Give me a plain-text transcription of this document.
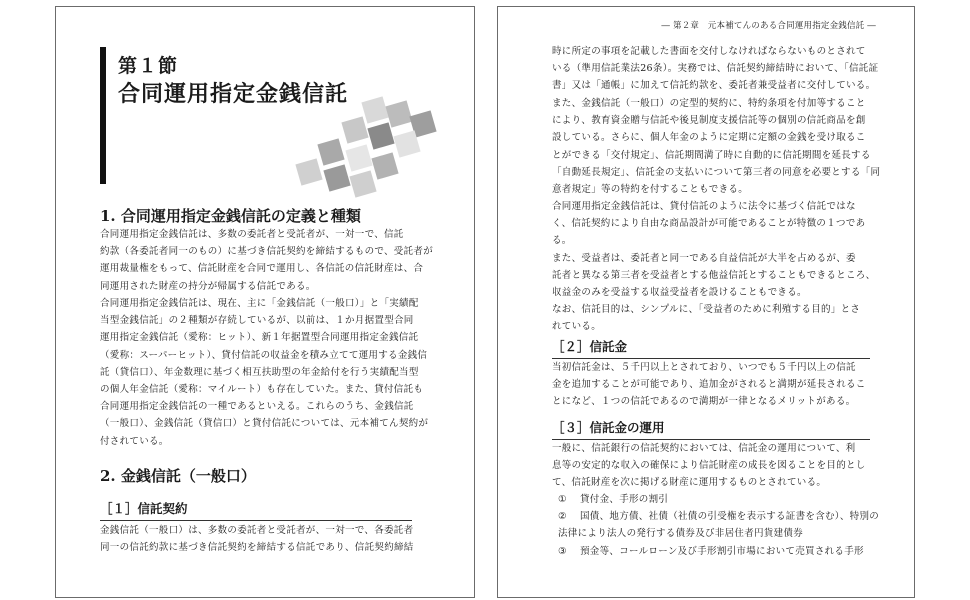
第１節
合同運用指定金銭信託
1. 合同運用指定金銭信託の定義と種類
合同運用指定金銭信託は、多数の委託者と受託者が、一対一で、信託
約款（各委託者同一のもの）に基づき信託契約を締結するもので、受託者が
運用裁量権をもって、信託財産を合同で運用し、各信託の信託財産は、合
同運用された財産の持分が帰属する信託である。
合同運用指定金銭信託は、現在、主に「金銭信託（一般口）」と「実績配
当型金銭信託」の２種類が存続しているが、以前は、１か月据置型合同
運用指定金銭信託（愛称：ヒット）、新１年据置型合同運用指定金銭信託
（愛称：スーパーヒット）、貸付信託の収益金を積み立てて運用する金銭信
託（貸信口）、年金数理に基づく相互扶助型の年金給付を行う実績配当型
の個人年金信託（愛称：マイルート）も存在していた。また、貸付信託も
合同運用指定金銭信託の一種であるといえる。これらのうち、金銭信託
（一般口）、金銭信託（貸信口）と貸付信託については、元本補てん契約が
付されている。
2. 金銭信託（一般口）
［１］信託契約
金銭信託（一般口）は、多数の委託者と受託者が、一対一で、各委託者
同一の信託約款に基づき信託契約を締結する信託であり、信託契約締結
― 第２章　元本補てんのある合同運用指定金銭信託 ―
時に所定の事項を記載した書面を交付しなければならないものとされて
いる（準用信託業法26条）。実務では、信託契約締結時において、「信託証
書」又は「通帳」に加えて信託約款を、委託者兼受益者に交付している。
また、金銭信託（一般口）の定型的契約に、特約条項を付加等すること
により、教育資金贈与信託や後見制度支援信託等の個別の信託商品を創
設している。さらに、個人年金のように定期に定額の金銭を受け取るこ
とができる「交付規定」、信託期間満了時に自動的に信託期間を延長する
「自動延長規定」、信託金の支払いについて第三者の同意を必要とする「同
意者規定」等の特約を付することもできる。
合同運用指定金銭信託は、貸付信託のように法令に基づく信託ではな
く、信託契約により自由な商品設計が可能であることが特徴の１つであ
る。
また、受益者は、委託者と同一である自益信託が大半を占めるが、委
託者と異なる第三者を受益者とする他益信託とすることもできるところ、
収益金のみを受益する収益受益者を設けることもできる。
なお、信託目的は、シンプルに、「受益者のために利殖する目的」とさ
れている。
［２］信託金
当初信託金は、５千円以上とされており、いつでも５千円以上の信託
金を追加することが可能であり、追加金がされると満期が延長されるこ
とになど、１つの信託であるので満期が一律となるメリットがある。
［３］信託金の運用
一般に、信託銀行の信託契約においては、信託金の運用について、利
息等の安定的な収入の確保により信託財産の成長を図ることを目的とし
て、信託財産を次に掲げる財産に運用するものとされている。
① 貸付金、手形の割引
② 国債、地方債、社債（社債の引受権を表示する証書を含む）、特別の
法律により法人の発行する債券及び非居住者円貨建債券
③ 預金等、コールローン及び手形割引市場において売買される手形
